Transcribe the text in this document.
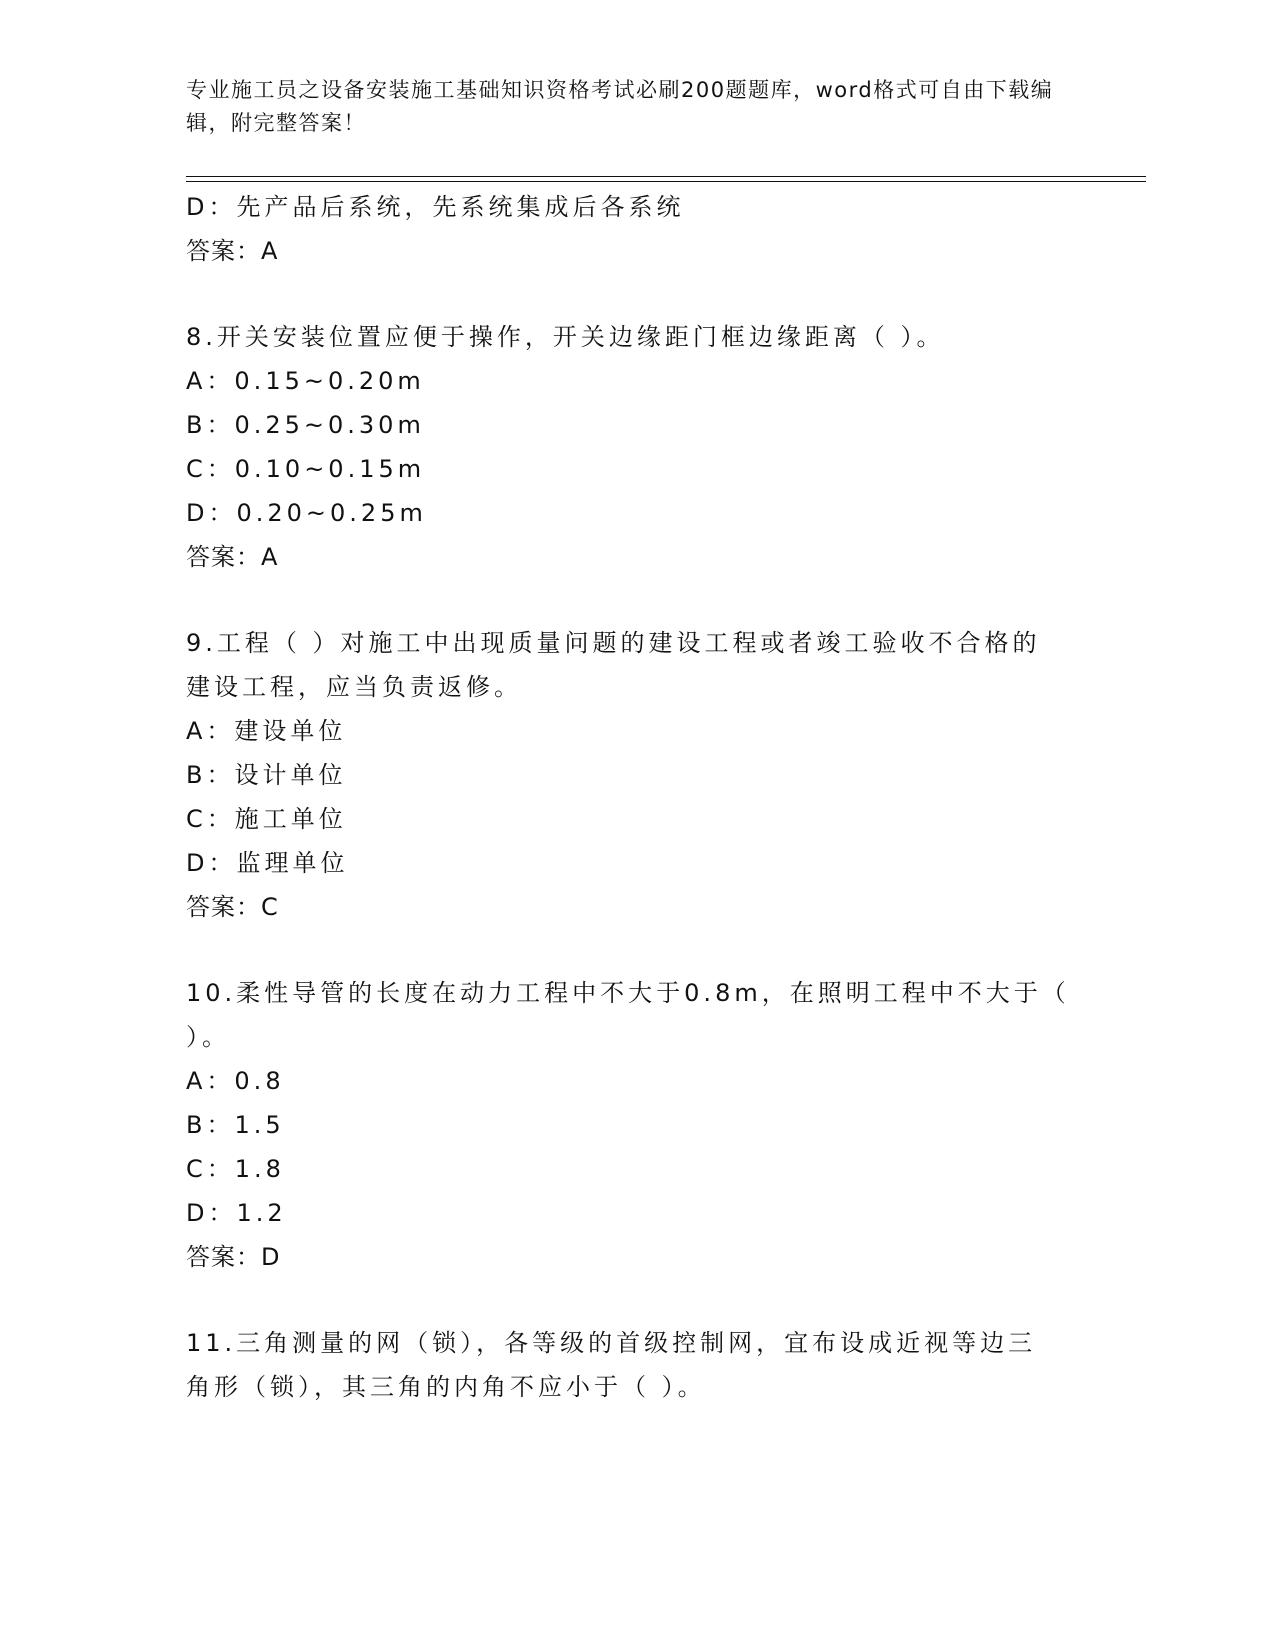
专业施工员之设备安装施工基础知识资格考试必刷200题题库，word格式可自由下载编辑，附完整答案！
D：先产品后系统，先系统集成后各系统
答案：A
8.开关安装位置应便于操作，开关边缘距门框边缘距离（ ）。
A：0.15~0.20m
B：0.25~0.30m
C：0.10~0.15m
D：0.20~0.25m
答案：A
9.工程（ ）对施工中出现质量问题的建设工程或者竣工验收不合格的
建设工程，应当负责返修。
A：建设单位
B：设计单位
C：施工单位
D：监理单位
答案：C
10.柔性导管的长度在动力工程中不大于0.8m，在照明工程中不大于（
）。
A：0.8
B：1.5
C：1.8
D：1.2
答案：D
11.三角测量的网（锁），各等级的首级控制网，宜布设成近视等边三
角形（锁），其三角的内角不应小于（ ）。
